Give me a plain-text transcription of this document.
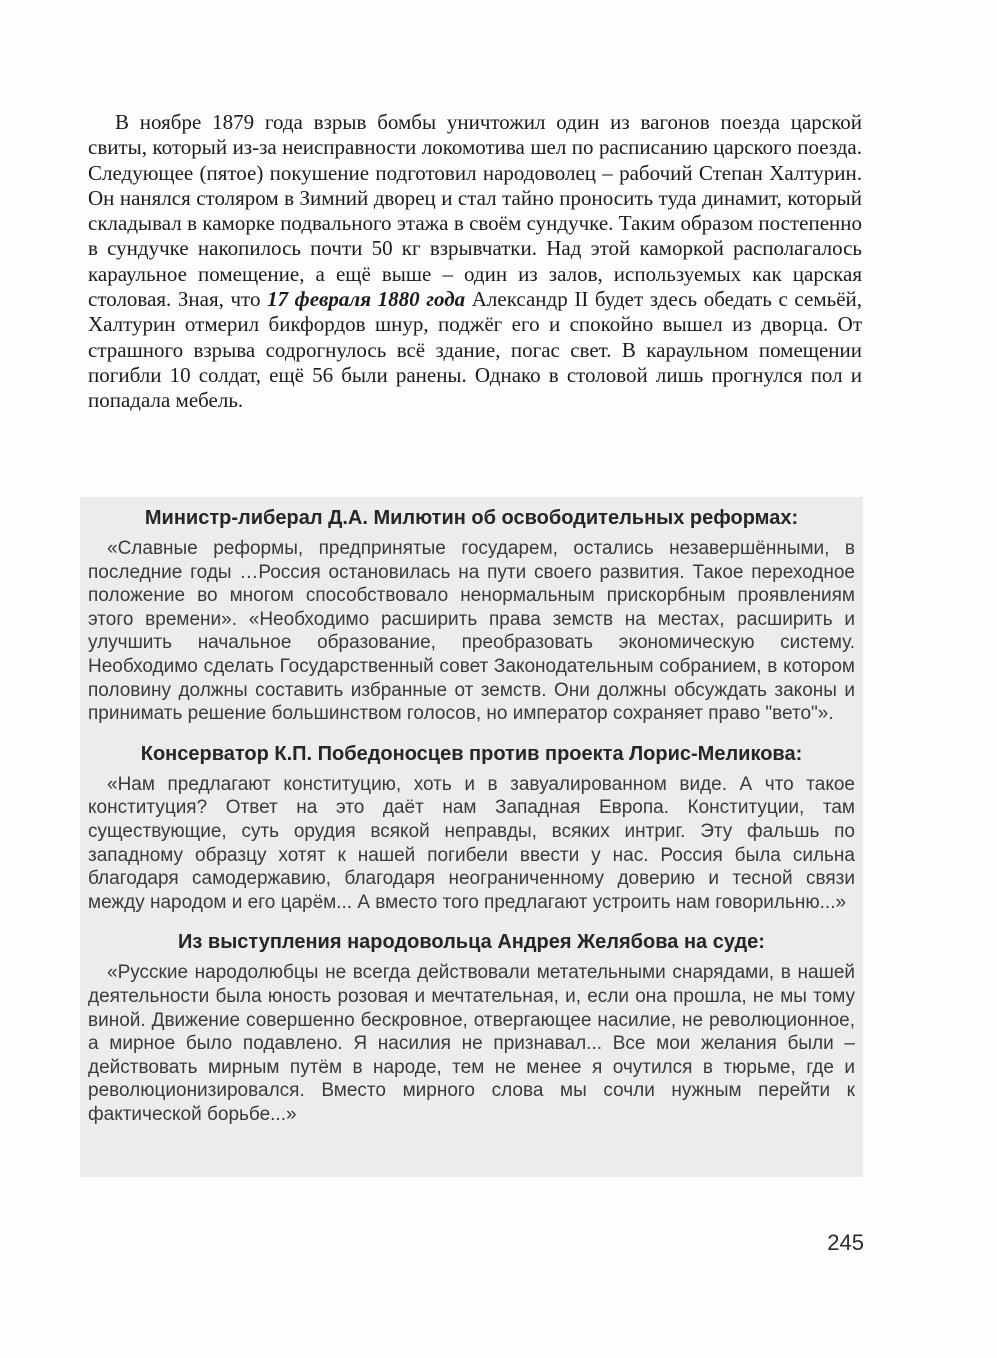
В ноябре 1879 года взрыв бомбы уничтожил один из вагонов поезда царской свиты, который из-за неисправности локомотива шел по расписанию царского поезда. Следующее (пятое) покушение подготовил народоволец – рабочий Степан Халтурин. Он нанялся столяром в Зимний дворец и стал тайно проносить туда динамит, который складывал в каморке подвального этажа в своём сундучке. Таким образом постепенно в сундучке накопилось почти 50 кг взрывчатки. Над этой каморкой располагалось караульное помещение, а ещё выше – один из залов, используемых как царская столовая. Зная, что 17 февраля 1880 года Александр II будет здесь обедать с семьёй, Халтурин отмерил бикфордов шнур, поджёг его и спокойно вышел из дворца. От страшного взрыва содрогнулось всё здание, погас свет. В караульном помещении погибли 10 солдат, ещё 56 были ранены. Однако в столовой лишь прогнулся пол и попадала мебель.

Министр-либерал Д.А. Милютин об освободительных реформах:

«Славные реформы, предпринятые государем, остались незавершёнными, в последние годы …Россия остановилась на пути своего развития. Такое переходное положение во многом способствовало ненормальным прискорбным проявлениям этого времени». «Необходимо расширить права земств на местах, расширить и улучшить начальное образование, преобразовать экономическую систему. Необходимо сделать Государственный совет Законодательным собранием, в котором половину должны составить избранные от земств. Они должны обсуждать законы и принимать решение большинством голосов, но император сохраняет право "вето"».

Консерватор К.П. Победоносцев против проекта Лорис-Меликова:

«Нам предлагают конституцию, хоть и в завуалированном виде. А что такое конституция? Ответ на это даёт нам Западная Европа. Конституции, там существующие, суть орудия всякой неправды, всяких интриг. Эту фальшь по западному образцу хотят к нашей погибели ввести у нас. Россия была сильна благодаря самодержавию, благодаря неограниченному доверию и тесной связи между народом и его царём... А вместо того предлагают устроить нам говорильню...»

Из выступления народовольца Андрея Желябова на суде:

«Русские народолюбцы не всегда действовали метательными снарядами, в нашей деятельности была юность розовая и мечтательная, и, если она прошла, не мы тому виной. Движение совершенно бескровное, отвергающее насилие, не революционное, а мирное было подавлено. Я насилия не признавал... Все мои желания были – действовать мирным путём в народе, тем не менее я очутился в тюрьме, где и революционизировался. Вместо мирного слова мы сочли нужным перейти к фактической борьбе...»

245
